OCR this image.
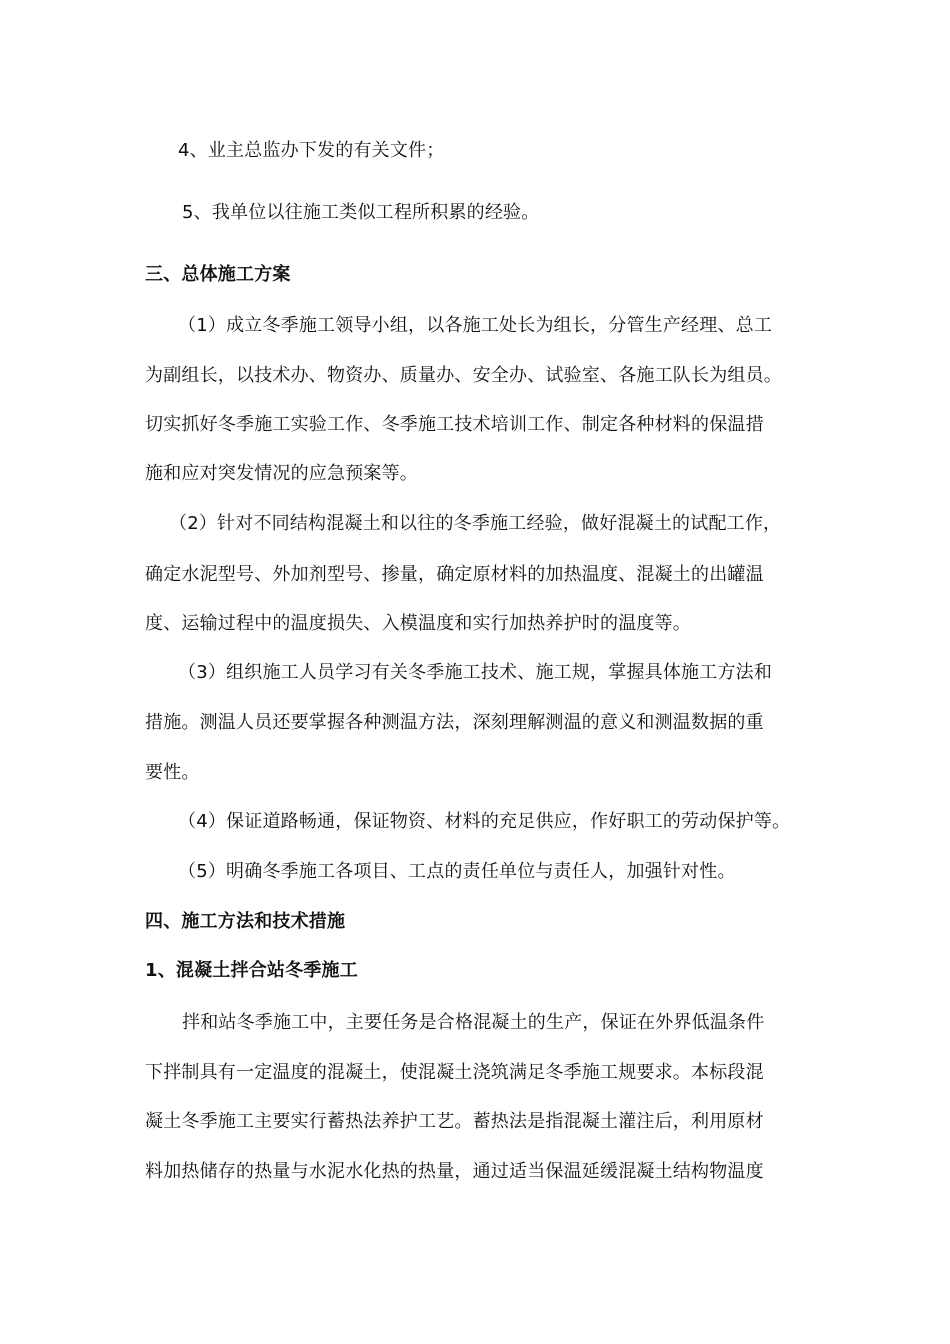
4、业主总监办下发的有关文件；
5、我单位以往施工类似工程所积累的经验。
三、总体施工方案
（1）成立冬季施工领导小组，以各施工处长为组长，分管生产经理、总工
为副组长，以技术办、物资办、质量办、安全办、试验室、各施工队长为组员。
切实抓好冬季施工实验工作、冬季施工技术培训工作、制定各种材料的保温措
施和应对突发情况的应急预案等。
（2）针对不同结构混凝土和以往的冬季施工经验，做好混凝土的试配工作，
确定水泥型号、外加剂型号、掺量，确定原材料的加热温度、混凝土的出罐温
度、运输过程中的温度损失、入模温度和实行加热养护时的温度等。
（3）组织施工人员学习有关冬季施工技术、施工规，掌握具体施工方法和
措施。测温人员还要掌握各种测温方法，深刻理解测温的意义和测温数据的重
要性。
（4）保证道路畅通，保证物资、材料的充足供应，作好职工的劳动保护等。
（5）明确冬季施工各项目、工点的责任单位与责任人，加强针对性。
四、施工方法和技术措施
1、混凝土拌合站冬季施工
拌和站冬季施工中，主要任务是合格混凝土的生产，保证在外界低温条件
下拌制具有一定温度的混凝土，使混凝土浇筑满足冬季施工规要求。本标段混
凝土冬季施工主要实行蓄热法养护工艺。蓄热法是指混凝土灌注后，利用原材
料加热储存的热量与水泥水化热的热量，通过适当保温延缓混凝土结构物温度
